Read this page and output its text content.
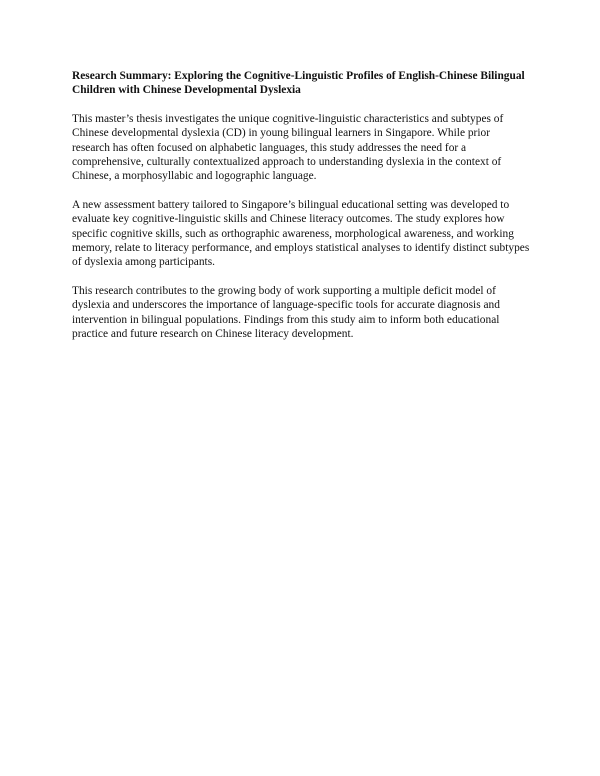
Research Summary: Exploring the Cognitive-Linguistic Profiles of English-Chinese Bilingual Children with Chinese Developmental Dyslexia

This master’s thesis investigates the unique cognitive-linguistic characteristics and subtypes of Chinese developmental dyslexia (CD) in young bilingual learners in Singapore. While prior research has often focused on alphabetic languages, this study addresses the need for a comprehensive, culturally contextualized approach to understanding dyslexia in the context of Chinese, a morphosyllabic and logographic language.

A new assessment battery tailored to Singapore’s bilingual educational setting was developed to evaluate key cognitive-linguistic skills and Chinese literacy outcomes. The study explores how specific cognitive skills, such as orthographic awareness, morphological awareness, and working memory, relate to literacy performance, and employs statistical analyses to identify distinct subtypes of dyslexia among participants.

This research contributes to the growing body of work supporting a multiple deficit model of dyslexia and underscores the importance of language-specific tools for accurate diagnosis and intervention in bilingual populations. Findings from this study aim to inform both educational practice and future research on Chinese literacy development.
